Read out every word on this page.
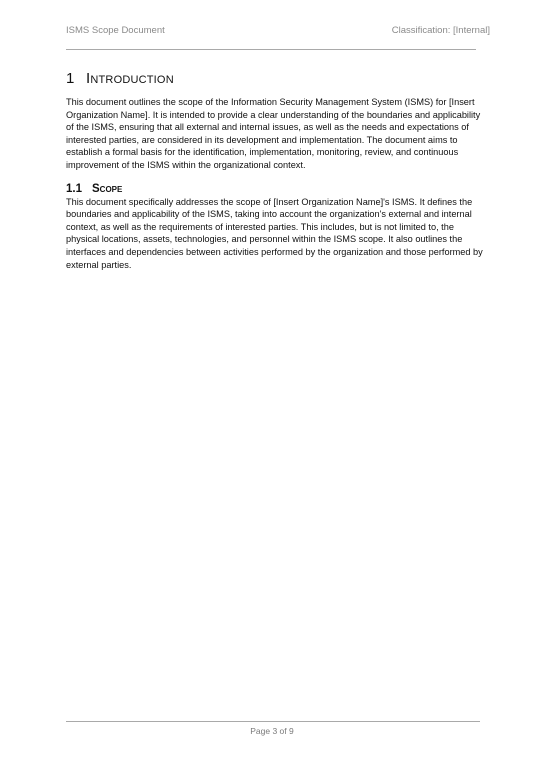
ISMS Scope Document	Classification: [Internal]
1 Introduction

This document outlines the scope of the Information Security Management System (ISMS) for [Insert Organization Name]. It is intended to provide a clear understanding of the boundaries and applicability of the ISMS, ensuring that all external and internal issues, as well as the needs and expectations of interested parties, are considered in its development and implementation. The document aims to establish a formal basis for the identification, implementation, monitoring, review, and continuous improvement of the ISMS within the organizational context.

1.1 Scope

This document specifically addresses the scope of [Insert Organization Name]'s ISMS. It defines the boundaries and applicability of the ISMS, taking into account the organization's external and internal context, as well as the requirements of interested parties. This includes, but is not limited to, the physical locations, assets, technologies, and personnel within the ISMS scope. It also outlines the interfaces and dependencies between activities performed by the organization and those performed by external parties.

Page 3 of 9
